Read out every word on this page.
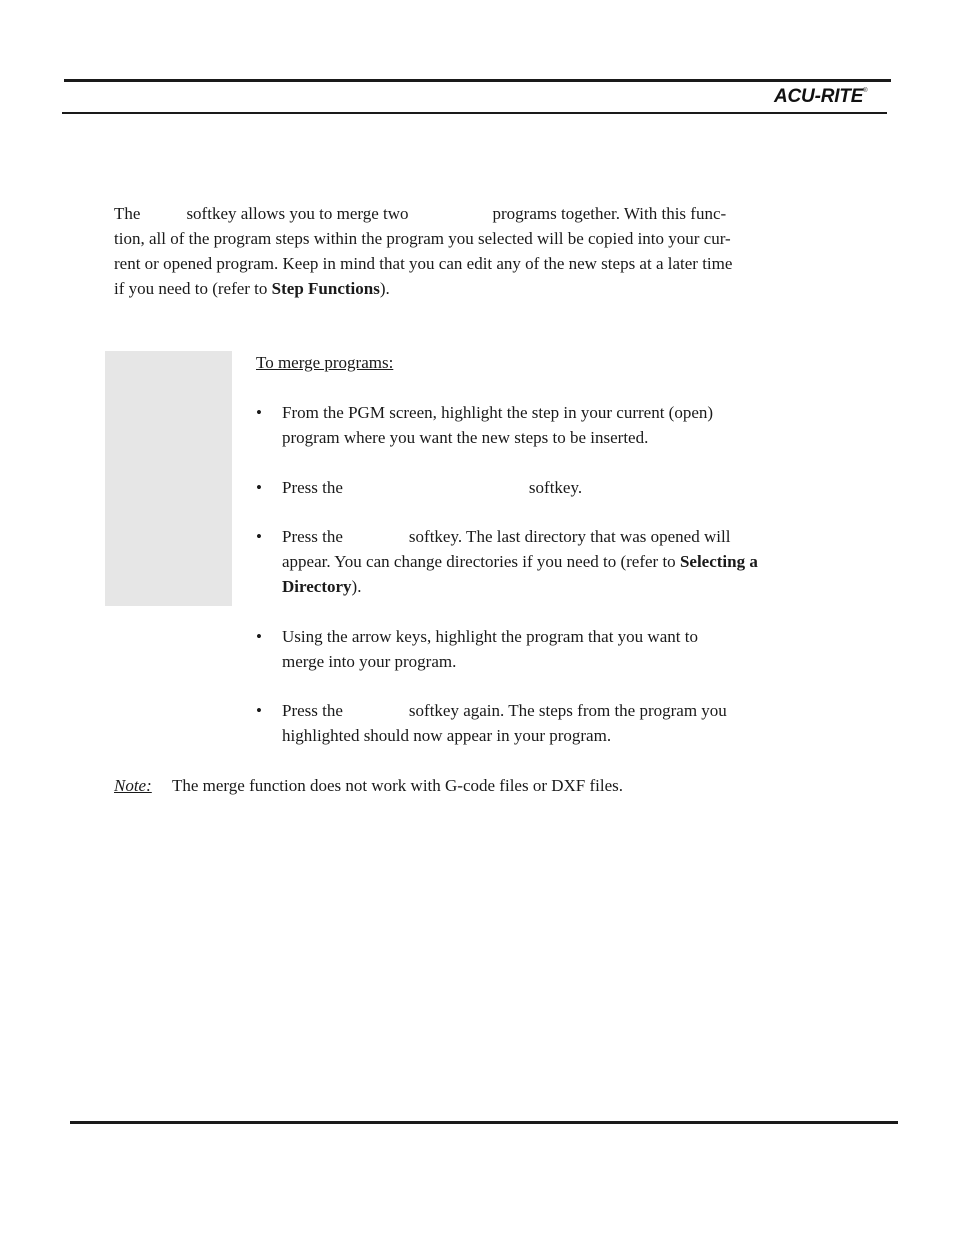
ACU-RITE®

The	softkey allows you to merge two	programs together. With this func-

tion, all of the program steps within the program you selected will be copied into your cur-

rent or opened program. Keep in mind that you can edit any of the new steps at a later time

if you need to (refer to Step Functions).

To merge programs:
• From the PGM screen, highlight the step in your current (open)
program where you want the new steps to be inserted.
• Press the	softkey.
• Press the	softkey. The last directory that was opened will
appear. You can change directories if you need to (refer to Selecting a
Directory).
• Using the arrow keys, highlight the program that you want to
merge into your program.
• Press the	softkey again. The steps from the program you
highlighted should now appear in your program.
Note: The merge function does not work with G-code files or DXF files.
